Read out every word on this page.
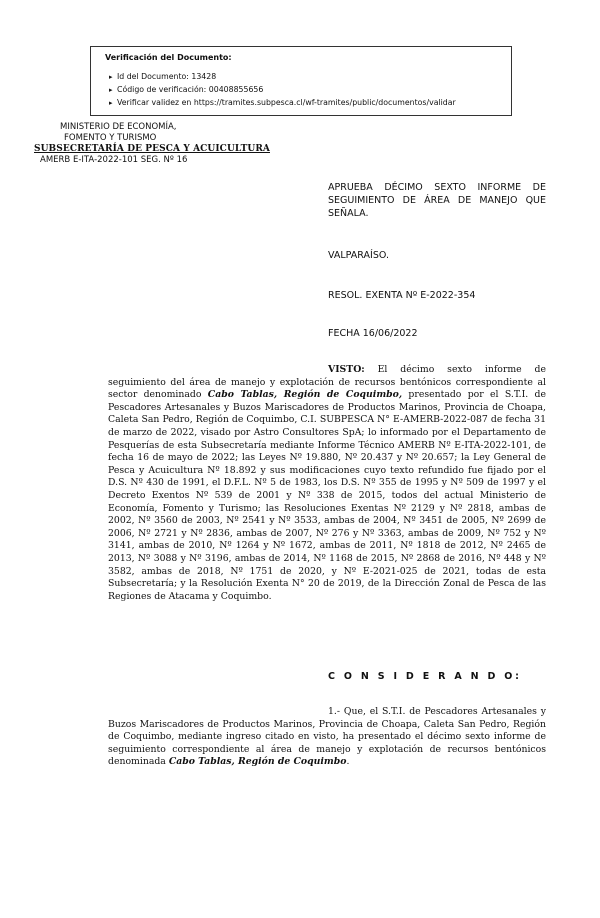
Verificación del Documento:
▸ Id del Documento: 13428
▸ Código de verificación: 00408855656
▸ Verificar validez en https://tramites.subpesca.cl/wf-tramites/public/documentos/validar
MINISTERIO DE ECONOMÍA,
FOMENTO Y TURISMO
SUBSECRETARÍA DE PESCA Y ACUICULTURA
AMERB E-ITA-2022-101 SEG. Nº 16
APRUEBA DÉCIMO SEXTO INFORME DE SEGUIMIENTO DE ÁREA DE MANEJO QUE SEÑALA.
VALPARAÍSO.
RESOL. EXENTA Nº E-2022-354
FECHA 16/06/2022
VISTO: El décimo sexto informe de seguimiento del área de manejo y explotación de recursos bentónicos correspondiente al sector denominado Cabo Tablas, Región de Coquimbo, presentado por el S.T.I. de Pescadores Artesanales y Buzos Mariscadores de Productos Marinos, Provincia de Choapa, Caleta San Pedro, Región de Coquimbo, C.I. SUBPESCA N° E-AMERB-2022-087 de fecha 31 de marzo de 2022, visado por Astro Consultores SpA; lo informado por el Departamento de Pesquerías de esta Subsecretaría mediante Informe Técnico AMERB Nº E-ITA-2022-101, de fecha 16 de mayo de 2022; las Leyes Nº 19.880, Nº 20.437 y Nº 20.657; la Ley General de Pesca y Acuicultura Nº 18.892 y sus modificaciones cuyo texto refundido fue fijado por el D.S. Nº 430 de 1991, el D.F.L. Nº 5 de 1983, los D.S. Nº 355 de 1995 y Nº 509 de 1997 y el Decreto Exentos Nº 539 de 2001 y Nº 338 de 2015, todos del actual Ministerio de Economía, Fomento y Turismo; las Resoluciones Exentas Nº 2129 y Nº 2818, ambas de 2002, Nº 3560 de 2003, Nº 2541 y Nº 3533, ambas de 2004, Nº 3451 de 2005, Nº 2699 de 2006, Nº 2721 y Nº 2836, ambas de 2007, Nº 276 y Nº 3363, ambas de 2009, Nº 752 y Nº 3141, ambas de 2010, Nº 1264 y Nº 1672, ambas de 2011, Nº 1818 de 2012, Nº 2465 de 2013, Nº 3088 y Nº 3196, ambas de 2014, Nº 1168 de 2015, Nº 2868 de 2016, Nº 448 y Nº 3582, ambas de 2018, Nº 1751 de 2020, y Nº E-2021-025 de 2021, todas de esta Subsecretaría; y la Resolución Exenta N° 20 de 2019, de la Dirección Zonal de Pesca de las Regiones de Atacama y Coquimbo.
C O N S I D E R A N D O:
1.- Que, el S.T.I. de Pescadores Artesanales y Buzos Mariscadores de Productos Marinos, Provincia de Choapa, Caleta San Pedro, Región de Coquimbo, mediante ingreso citado en visto, ha presentado el décimo sexto informe de seguimiento correspondiente al área de manejo y explotación de recursos bentónicos denominada Cabo Tablas, Región de Coquimbo.
